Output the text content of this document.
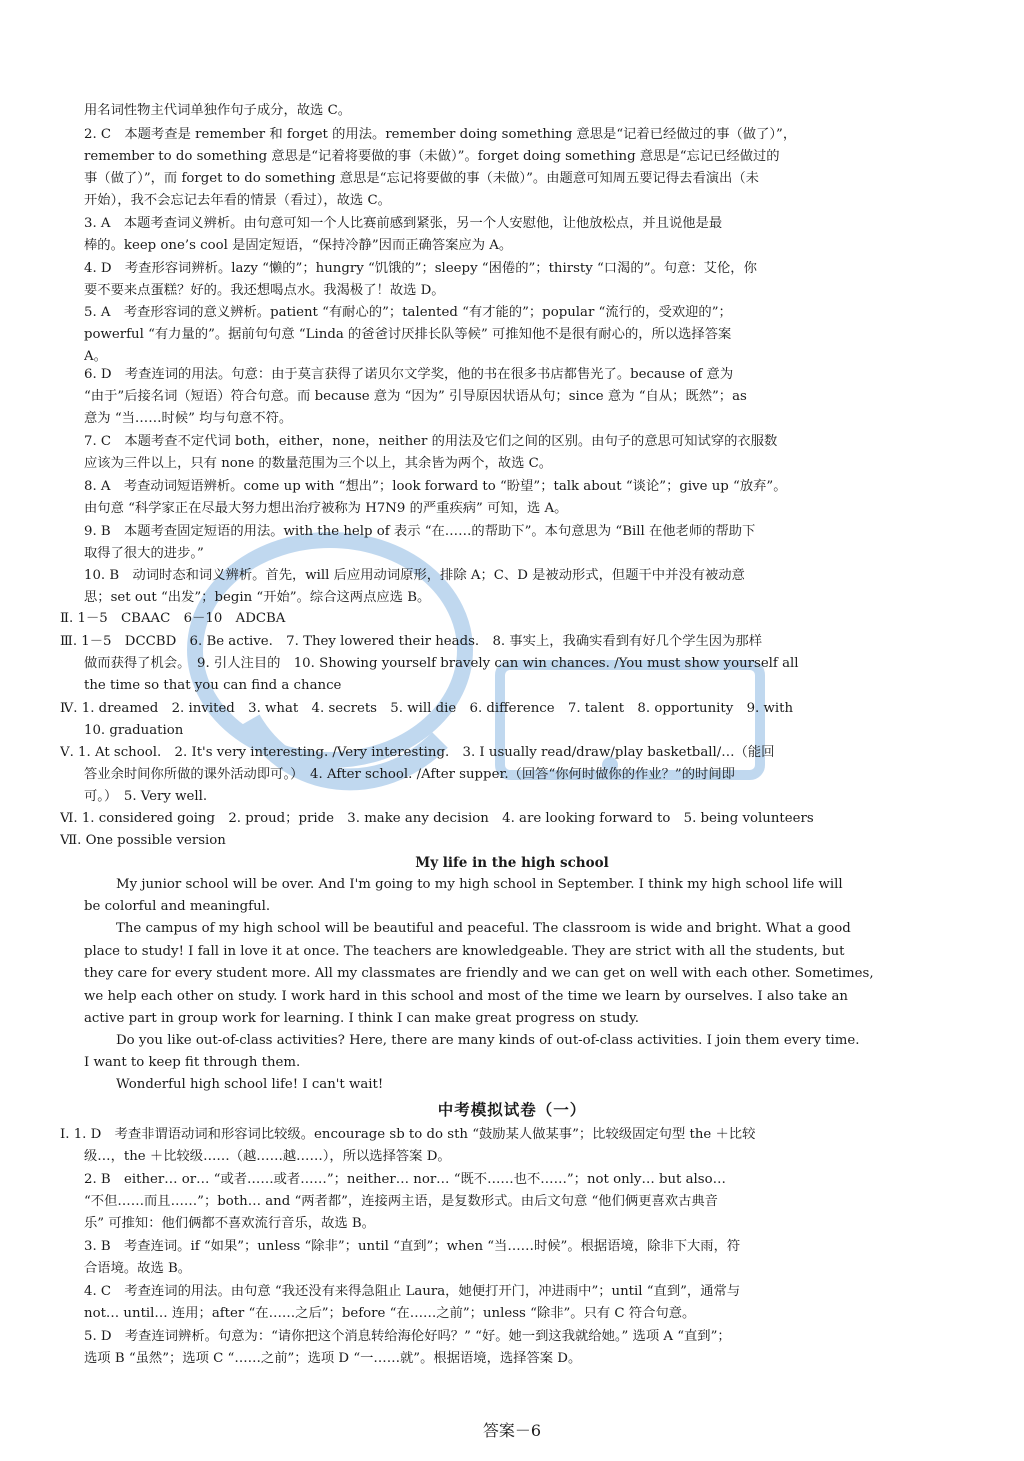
用名词性物主代词单独作句子成分，故选 C。
2. C　本题考查是 remember 和 forget 的用法。remember doing something 意思是“记着已经做过的事（做了）”，
remember to do something 意思是“记着将要做的事（未做）”。forget doing something 意思是“忘记已经做过的
事（做了）”，而 forget to do something 意思是“忘记将要做的事（未做）”。由题意可知周五要记得去看演出（未
开始），我不会忘记去年看的情景（看过），故选 C。
3. A　本题考查词义辨析。由句意可知一个人比赛前感到紧张，另一个人安慰他，让他放松点，并且说他是最
棒的。keep one’s cool 是固定短语，“保持冷静”因而正确答案应为 A。
4. D　考查形容词辨析。lazy “懒的”；hungry “饥饿的”；sleepy “困倦的”；thirsty “口渴的”。句意：艾伦，你
要不要来点蛋糕？好的。我还想喝点水。我渴极了！故选 D。
5. A　考查形容词的意义辨析。patient “有耐心的”；talented “有才能的”；popular “流行的，受欢迎的”；
powerful “有力量的”。据前句句意 “Linda 的爸爸讨厌排长队等候” 可推知他不是很有耐心的，所以选择答案
A。
6. D　考查连词的用法。句意：由于莫言获得了诺贝尔文学奖，他的书在很多书店都售光了。because of 意为
“由于”后接名词（短语）符合句意。而 because 意为 “因为” 引导原因状语从句；since 意为 “自从；既然”；as
意为 “当……时候” 均与句意不符。
7. C　本题考查不定代词 both，either，none，neither 的用法及它们之间的区别。由句子的意思可知试穿的衣服数
应该为三件以上，只有 none 的数量范围为三个以上，其余皆为两个，故选 C。
8. A　考查动词短语辨析。come up with “想出”；look forward to “盼望”；talk about “谈论”；give up “放弃”。
由句意 “科学家正在尽最大努力想出治疗被称为 H7N9 的严重疾病” 可知，选 A。
9. B　本题考查固定短语的用法。with the help of 表示 “在……的帮助下”。本句意思为 “Bill 在他老师的帮助下
取得了很大的进步。”
10. B　动词时态和词义辨析。首先，will 后应用动词原形，排除 A；C、D 是被动形式，但题干中并没有被动意
思；set out “出发”；begin “开始”。综合这两点应选 B。
Ⅱ. 1－5　CBAAC　6－10　ADCBA
Ⅲ. 1－5　DCCBD　6. Be active.　7. They lowered their heads.　8. 事实上，我确实看到有好几个学生因为那样
做而获得了机会。　9. 引人注目的　10. Showing yourself bravely can win chances. /You must show yourself all
the time so that you can find a chance
Ⅳ. 1. dreamed　2. invited　3. what　4. secrets　5. will die　6. difference　7. talent　8. opportunity　9. with
10. graduation
Ⅴ. 1. At school.　2. It's very interesting. /Very interesting.　3. I usually read/draw/play basketball/…（能回
答业余时间你所做的课外活动即可。）　4. After school. /After supper.（回答“你何时做你的作业？”的时间即
可。）　5. Very well.
Ⅵ. 1. considered going　2. proud；pride　3. make any decision　4. are looking forward to　5. being volunteers
Ⅶ. One possible version
My life in the high school
My junior school will be over. And I'm going to my high school in September. I think my high school life will
be colorful and meaningful.
The campus of my high school will be beautiful and peaceful. The classroom is wide and bright. What a good
place to study! I fall in love it at once. The teachers are knowledgeable. They are strict with all the students, but
they care for every student more. All my classmates are friendly and we can get on well with each other. Sometimes,
we help each other on study. I work hard in this school and most of the time we learn by ourselves. I also take an
active part in group work for learning. I think I can make great progress on study.
Do you like out-of-class activities? Here, there are many kinds of out-of-class activities. I join them every time.
I want to keep fit through them.
Wonderful high school life! I can't wait!
中考模拟试卷（一）
Ⅰ. 1. D　考查非谓语动词和形容词比较级。encourage sb to do sth “鼓励某人做某事”；比较级固定句型 the ＋比较
级…，the ＋比较级……（越……越……），所以选择答案 D。
2. B　either… or… “或者……或者……”；neither… nor… “既不……也不……”；not only… but also…
“不但……而且……”；both… and “两者都”，连接两主语，是复数形式。由后文句意 “他们俩更喜欢古典音
乐” 可推知：他们俩都不喜欢流行音乐，故选 B。
3. B　考查连词。if “如果”；unless “除非”；until “直到”；when “当……时候”。根据语境，除非下大雨，符
合语境。故选 B。
4. C　考查连词的用法。由句意 “我还没有来得急阻止 Laura，她便打开门，冲进雨中”；until “直到”，通常与
not… until… 连用；after “在……之后”；before “在……之前”；unless “除非”。只有 C 符合句意。
5. D　考查连词辨析。句意为：“请你把这个消息转给海伦好吗？” “好。她一到这我就给她。” 选项 A “直到”；
选项 B “虽然”；选项 C “……之前”；选项 D “一……就”。根据语境，选择答案 D。
答案－6
